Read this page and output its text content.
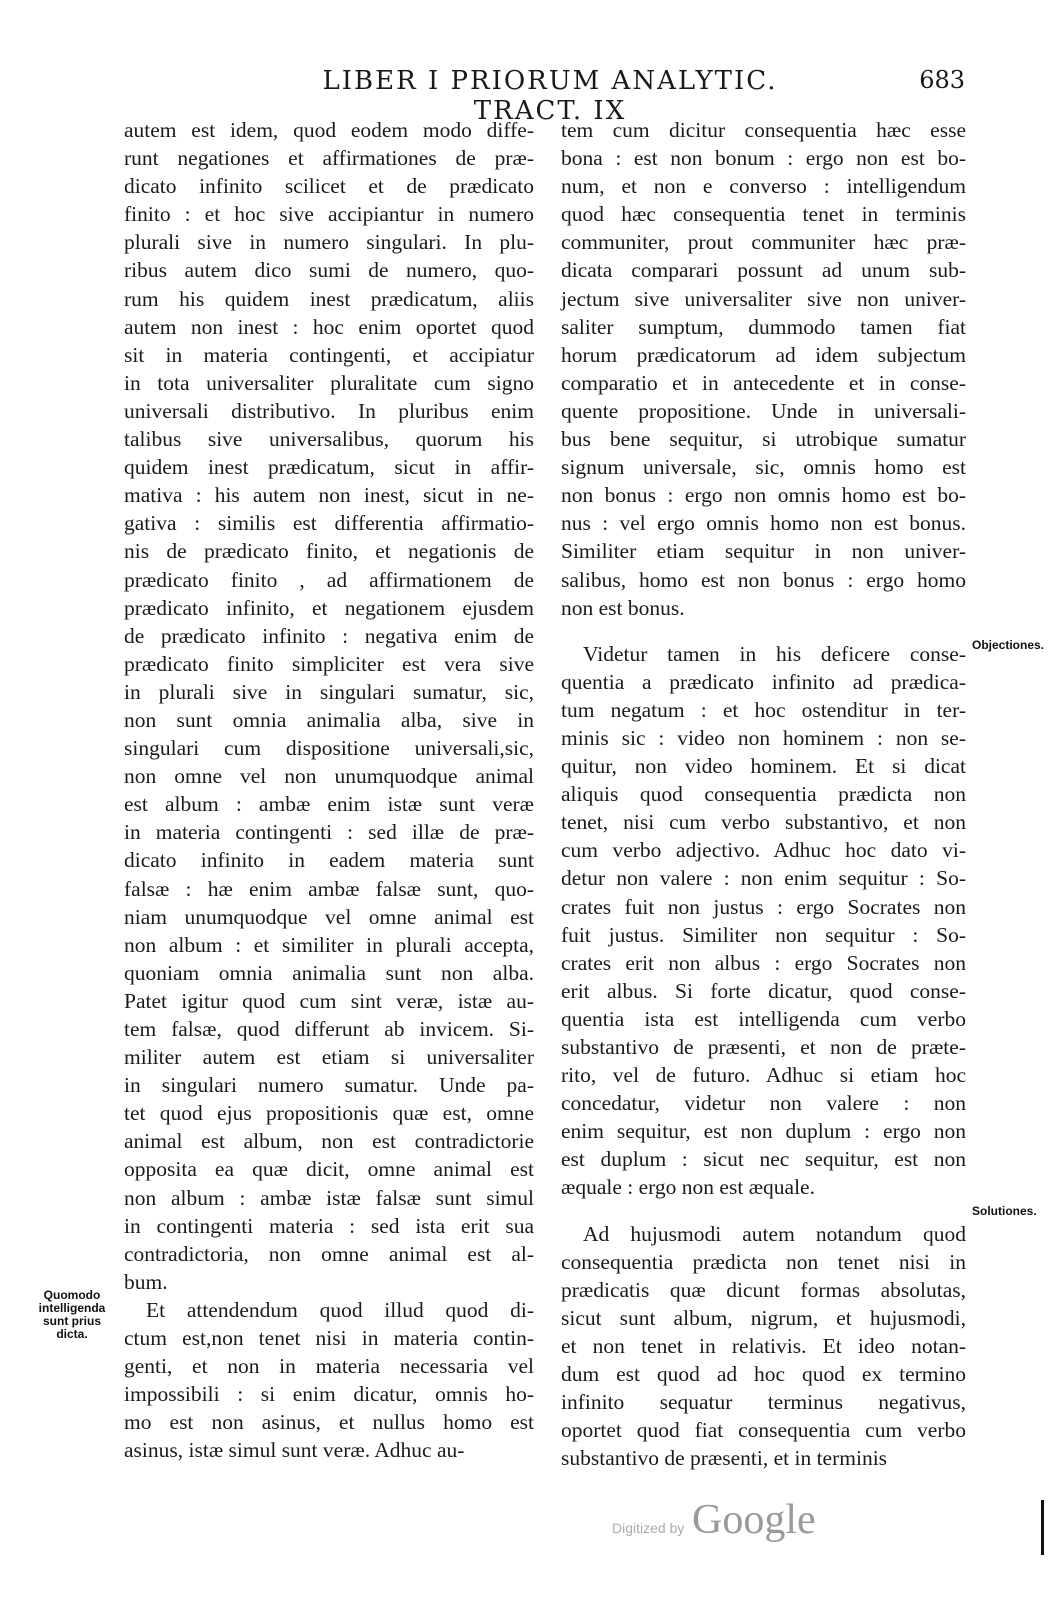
LIBER I PRIORUM ANALYTIC. TRACT. IX
683
autem est idem, quod eodem modo diffe-
runt negationes et affirmationes de præ-
dicato infinito scilicet et de prædicato
finito : et hoc sive accipiantur in numero
plurali sive in numero singulari. In plu-
ribus autem dico sumi de numero, quo-
rum his quidem inest prædicatum, aliis
autem non inest : hoc enim oportet quod
sit in materia contingenti, et accipiatur
in tota universaliter pluralitate cum signo
universali distributivo. In pluribus enim
talibus sive universalibus, quorum his
quidem inest prædicatum, sicut in affir-
mativa : his autem non inest, sicut in ne-
gativa : similis est differentia affirmatio-
nis de prædicato finito, et negationis de
prædicato finito , ad affirmationem de
prædicato infinito, et negationem ejusdem
de prædicato infinito : negativa enim de
prædicato finito simpliciter est vera sive
in plurali sive in singulari sumatur, sic,
non sunt omnia animalia alba, sive in
singulari cum dispositione universali,sic,
non omne vel non unumquodque animal
est album : ambæ enim istæ sunt veræ
in materia contingenti : sed illæ de præ-
dicato infinito in eadem materia sunt
falsæ : hæ enim ambæ falsæ sunt, quo-
niam unumquodque vel omne animal est
non album : et similiter in plurali accepta,
quoniam omnia animalia sunt non alba.
Patet igitur quod cum sint veræ, istæ au-
tem falsæ, quod differunt ab invicem. Si-
militer autem est etiam si universaliter
in singulari numero sumatur. Unde pa-
tet quod ejus propositionis quæ est, omne
animal est album, non est contradictorie
opposita ea quæ dicit, omne animal est
non album : ambæ istæ falsæ sunt simul
in contingenti materia : sed ista erit sua
contradictoria, non omne animal est al-
bum.
Et attendendum quod illud quod di-
ctum est,non tenet nisi in materia contin-
genti, et non in materia necessaria vel
impossibili : si enim dicatur, omnis ho-
mo est non asinus, et nullus homo est
asinus, istæ simul sunt veræ. Adhuc au-
tem cum dicitur consequentia hæc esse
bona : est non bonum : ergo non est bo-
num, et non e converso : intelligendum
quod hæc consequentia tenet in terminis
communiter, prout communiter hæc præ-
dicata comparari possunt ad unum sub-
jectum sive universaliter sive non univer-
saliter sumptum, dummodo tamen fiat
horum prædicatorum ad idem subjectum
comparatio et in antecedente et in conse-
quente propositione. Unde in universali-
bus bene sequitur, si utrobique sumatur
signum universale, sic, omnis homo est
non bonus : ergo non omnis homo est bo-
nus : vel ergo omnis homo non est bonus.
Similiter etiam sequitur in non univer-
salibus, homo est non bonus : ergo homo
non est bonus.
Videtur tamen in his deficere conse-
quentia a prædicato infinito ad prædica-
tum negatum : et hoc ostenditur in ter-
minis sic : video non hominem : non se-
quitur, non video hominem. Et si dicat
aliquis quod consequentia prædicta non
tenet, nisi cum verbo substantivo, et non
cum verbo adjectivo. Adhuc hoc dato vi-
detur non valere : non enim sequitur : So-
crates fuit non justus : ergo Socrates non
fuit justus. Similiter non sequitur : So-
crates erit non albus : ergo Socrates non
erit albus. Si forte dicatur, quod conse-
quentia ista est intelligenda cum verbo
substantivo de præsenti, et non de præte-
rito, vel de futuro. Adhuc si etiam hoc
concedatur, videtur non valere : non
enim sequitur, est non duplum : ergo non
est duplum : sicut nec sequitur, est non
æquale : ergo non est æquale.
Ad hujusmodi autem notandum quod
consequentia prædicta non tenet nisi in
prædicatis quæ dicunt formas absolutas,
sicut sunt album, nigrum, et hujusmodi,
et non tenet in relativis. Et ideo notan-
dum est quod ad hoc quod ex termino
infinito sequatur terminus negativus,
oportet quod fiat consequentia cum verbo
substantivo de præsenti, et in terminis
Quomodo
intelligenda
sunt prius
dicta.
Objectiones.
Solutiones.
Digitized by Google
